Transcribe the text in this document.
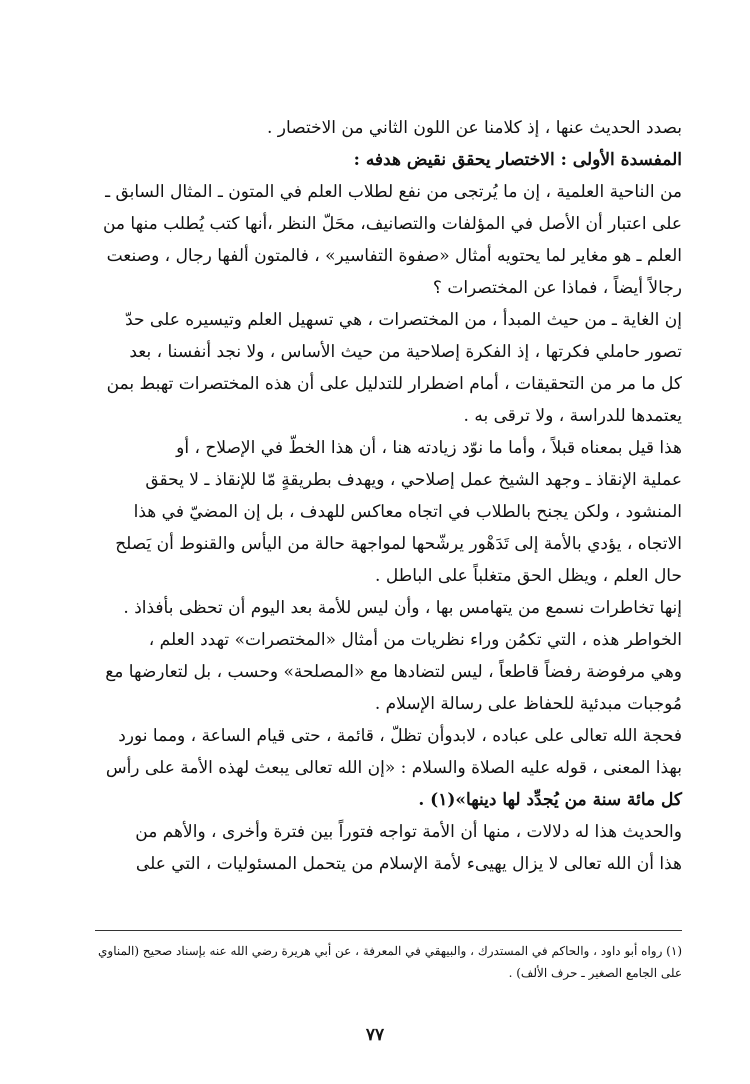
بصدد الحديث عنها ، إذ كلامنا عن اللون الثاني من الاختصار .

المفسدة الأولى : الاختصار يحقق نقيض هدفه :

من الناحية العلمية ، إن ما يُرتجى من نفع لطلاب العلم في المتون ـ المثال السابق ـ

على اعتبار أن الأصل في المؤلفات والتصانيف، محَلّ النظر ،أنها كتب يُطلب منها من

العلم ـ هو مغاير لما يحتويه أمثال «صفوة التفاسير» ، فالمتون ألفها رجال ، وصنعت

رجالاً أيضاً ، فماذا عن المختصرات ؟

إن الغاية ـ من حيث المبدأ ، من المختصرات ، هي تسهيل العلم وتيسيره على حدّ

تصور حاملي فكرتها ، إذ الفكرة إصلاحية من حيث الأساس ، ولا نجد أنفسنا ، بعد

كل ما مر من التحقيقات ، أمام اضطرار للتدليل على أن هذه المختصرات تهبط بمن

يعتمدها للدراسة ، ولا ترقى به .

هذا قيل بمعناه قبلاً ، وأما ما نوّد زيادته هنا ، أن هذا الخطّ في الإصلاح ، أو

عملية الإنقاذ ـ وجهد الشيخ عمل إصلاحي ، ويهدف بطريقةٍ مّا للإنقاذ ـ لا يحقق

المنشود ، ولكن يجنح بالطلاب في اتجاه معاكس للهدف ، بل إن المضيّ في هذا

الاتجاه ، يؤدي بالأمة إلى تَدَهْور يرشّحها لمواجهة حالة من اليأس والقنوط أن يَصلح

حال العلم ، ويظل الحق متغلباً على الباطل .

إنها تخاطرات نسمع من يتهامس بها ، وأن ليس للأمة بعد اليوم أن تحظى بأفذاذ .

الخواطر هذه ، التي تكمُن وراء نظريات من أمثال «المختصرات» تهدد العلم ،

وهي مرفوضة رفضاً قاطعاً ، ليس لتضادها مع «المصلحة» وحسب ، بل لتعارضها مع

مُوجبات مبدئية للحفاظ على رسالة الإسلام .

فحجة الله تعالى على عباده ، لابدوأن تظلّ ، قائمة ، حتى قيام الساعة ، ومما نورد

بهذا المعنى ، قوله عليه الصلاة والسلام : «إن الله تعالى يبعث لهذه الأمة على رأس

كل مائة سنة من يُجدِّد لها دينها»(١) .

والحديث هذا له دلالات ، منها أن الأمة تواجه فتوراً بين فترة وأخرى ، والأهم من

هذا أن الله تعالى لا يزال يهيىء لأمة الإسلام من يتحمل المسئوليات ، التي على

(١) رواه أبو داود ، والحاكم في المستدرك ، والبيهقي في المعرفة ، عن أبي هريرة رضي الله عنه بإسناد صحيح (المناوي
على الجامع الصغير ـ حرف الألف) .
٧٧
